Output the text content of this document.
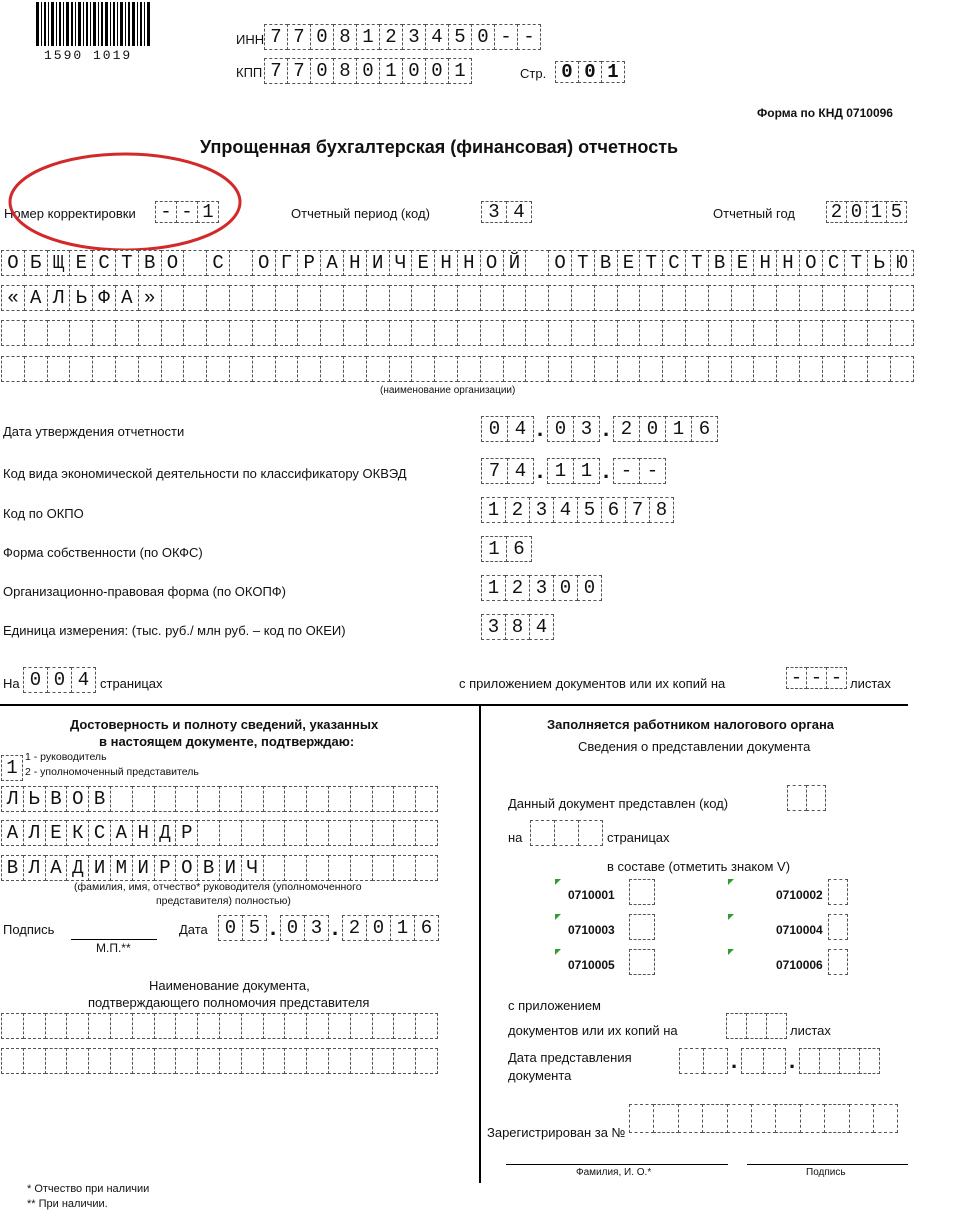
1590 1019
ИНН 7 7 0 8 1 2 3 4 5 0 - -
КПП 7 7 0 8 0 1 0 0 1	Стр. 0 0 1
Форма по КНД 0710096
Упрощенная бухгалтерская (финансовая) отчетность
Номер корректировки - - 1	Отчетный период (код)	3 4	Отчетный год 2 0 1 5
О Б Щ Е С Т В О	С	О Г Р А Н И Ч Е Н Н О Й	О Т В Е Т С Т В Е Н Н О С Т Ь Ю
« А Л Ь Ф А »
(наименование организации)
Дата утверждения отчетности	0 4 . 0 3 . 2 0 1 6
Код вида экономической деятельности по классификатору ОКВЭД	7 4 . 1 1 . - -
Код по ОКПО	1 2 3 4 5 6 7 8
Форма собственности (по ОКФС)	1 6
Организационно-правовая форма (по ОКОПФ)	1 2 3 0 0
Единица измерения: (тыс. руб./ млн руб. – код по ОКЕИ)	3 8 4
На 0 0 4 страницах	с приложением документов или их копий на	- - - листах
Достоверность и полноту сведений, указанных
в настоящем документе, подтверждаю:
1 1 - руководитель
2 - уполномоченный представитель
Л Ь В О В
А Л Е К С А Н Д Р
В Л А Д И М И Р О В И Ч
(фамилия, имя, отчество* руководителя (уполномоченного
представителя) полностью)
Подпись
М.П.**
Дата 0 5 . 0 3 . 2 0 1 6
Наименование документа,
подтверждающего полномочия представителя
Заполняется работником налогового органа
Сведения о представлении документа
Данный документ представлен (код)
на	страницах
в составе (отметить знаком V)
0710001	0710002
0710003	0710004
0710005	0710006
с приложением
документов или их копий на	листах
Дата представления
документа
. .
Зарегистрирован за №
Фамилия, И. О.*	Подпись
* Отчество при наличии
** При наличии.
